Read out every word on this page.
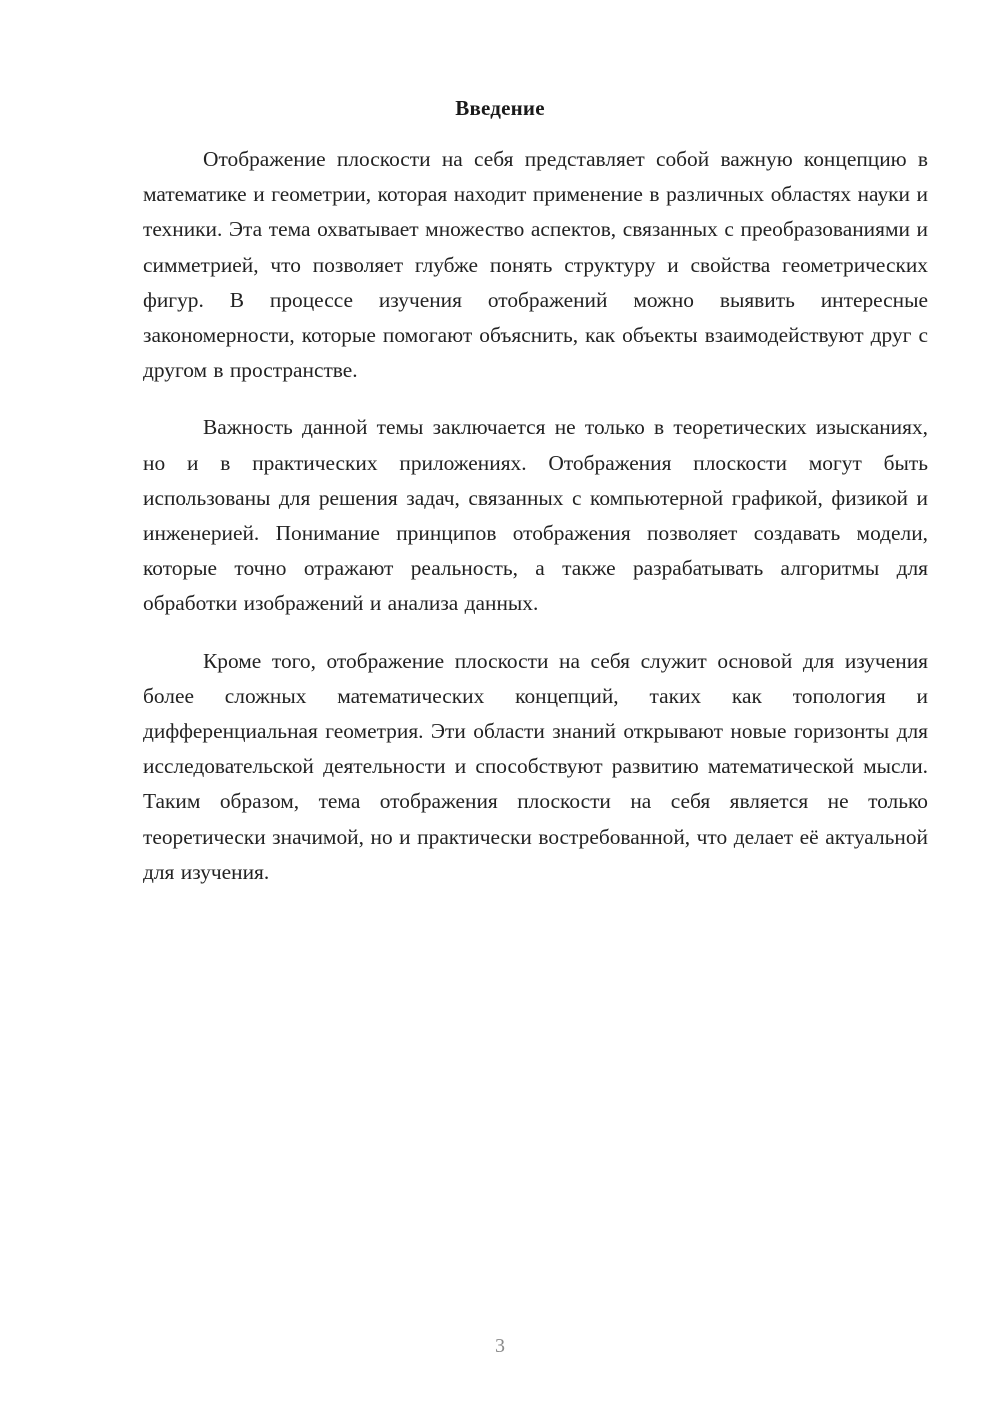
Введение

Отображение плоскости на себя представляет собой важную концепцию в математике и геометрии, которая находит применение в различных областях науки и техники. Эта тема охватывает множество аспектов, связанных с преобразованиями и симметрией, что позволяет глубже понять структуру и свойства геометрических фигур. В процессе изучения отображений можно выявить интересные закономерности, которые помогают объяснить, как объекты взаимодействуют друг с другом в пространстве.

Важность данной темы заключается не только в теоретических изысканиях, но и в практических приложениях. Отображения плоскости могут быть использованы для решения задач, связанных с компьютерной графикой, физикой и инженерией. Понимание принципов отображения позволяет создавать модели, которые точно отражают реальность, а также разрабатывать алгоритмы для обработки изображений и анализа данных.

Кроме того, отображение плоскости на себя служит основой для изучения более сложных математических концепций, таких как топология и дифференциальная геометрия. Эти области знаний открывают новые горизонты для исследовательской деятельности и способствуют развитию математической мысли. Таким образом, тема отображения плоскости на себя является не только теоретически значимой, но и практически востребованной, что делает её актуальной для изучения.

3
